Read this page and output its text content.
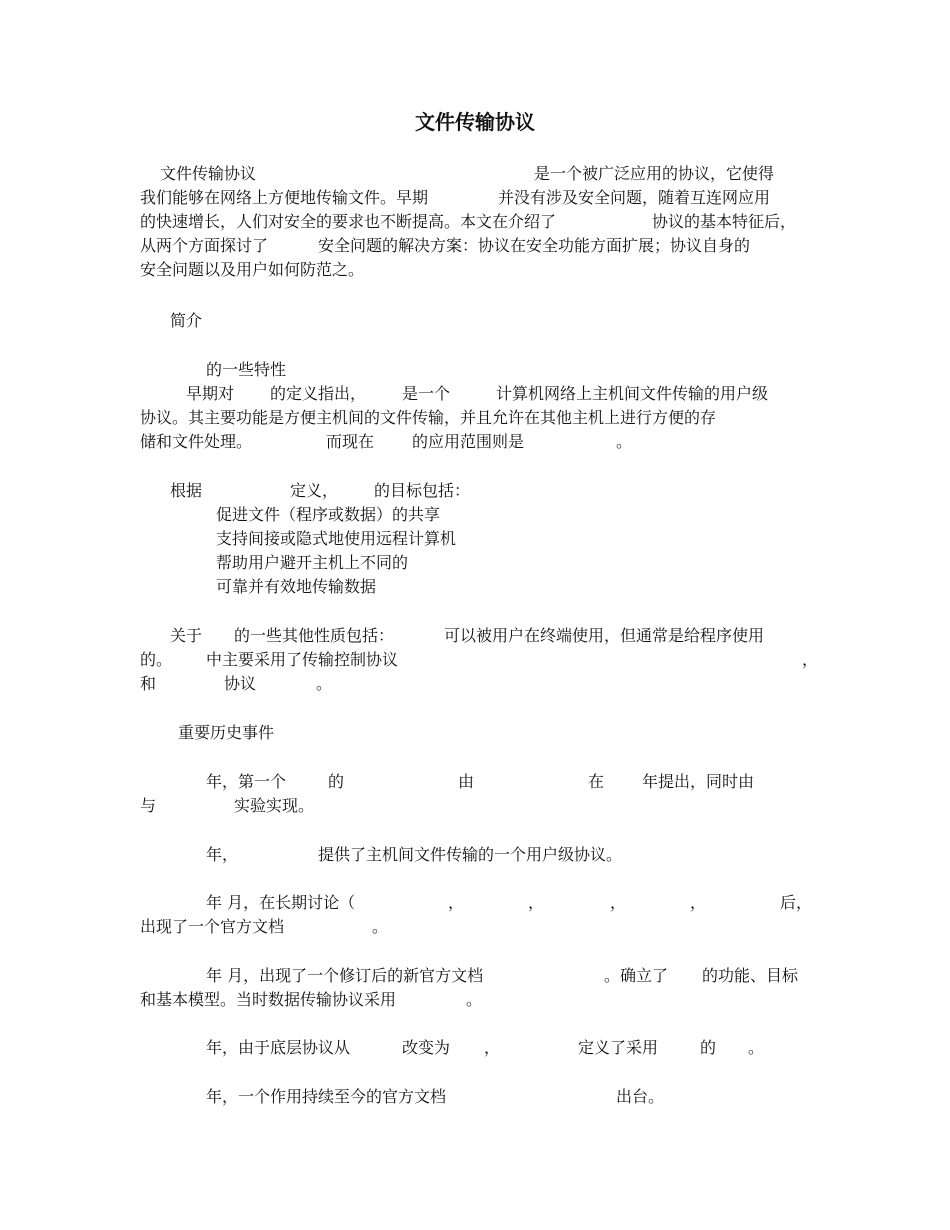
文件传输协议
文件传输协议	是一个被广泛应用的协议，它使得
我们能够在网络上方便地传输文件。早期	并没有涉及安全问题，随着互连网应用
的快速增长，人们对安全的要求也不断提高。本文在介绍了	协议的基本特征后，
从两个方面探讨了	安全问题的解决方案：协议在安全功能方面扩展；协议自身的
安全问题以及用户如何防范之。
简介
的一些特性
早期对 的定义指出， 是一个	计算机网络上主机间文件传输的用户级
协议。其主要功能是方便主机间的文件传输，并且允许在其他主机上进行方便的存
储和文件处理。	而现在 的应用范围则是	。
根据	定义， 的目标包括：
促进文件（程序或数据）的共享
支持间接或隐式地使用远程计算机
帮助用户避开主机上不同的
可靠并有效地传输数据
关于 的一些其他性质包括：	可以被用户在终端使用，但通常是给程序使用
的。 中主要采用了传输控制协议	，
和	协议	。
重要历史事件
年，第一个	的	由	在 年提出，同时由
与	实验实现。
年，	提供了主机间文件传输的一个用户级协议。
年 月，在长期讨论（	，	，	，	，	后，
出现了一个官方文档	。
年 月，出现了一个修订后的新官方文档	。确立了 的功能、目标
和基本模型。当时数据传输协议采用	。
年，由于底层协议从	改变为 ，	定义了采用	的 。
年，一个作用持续至今的官方文档	出台。
